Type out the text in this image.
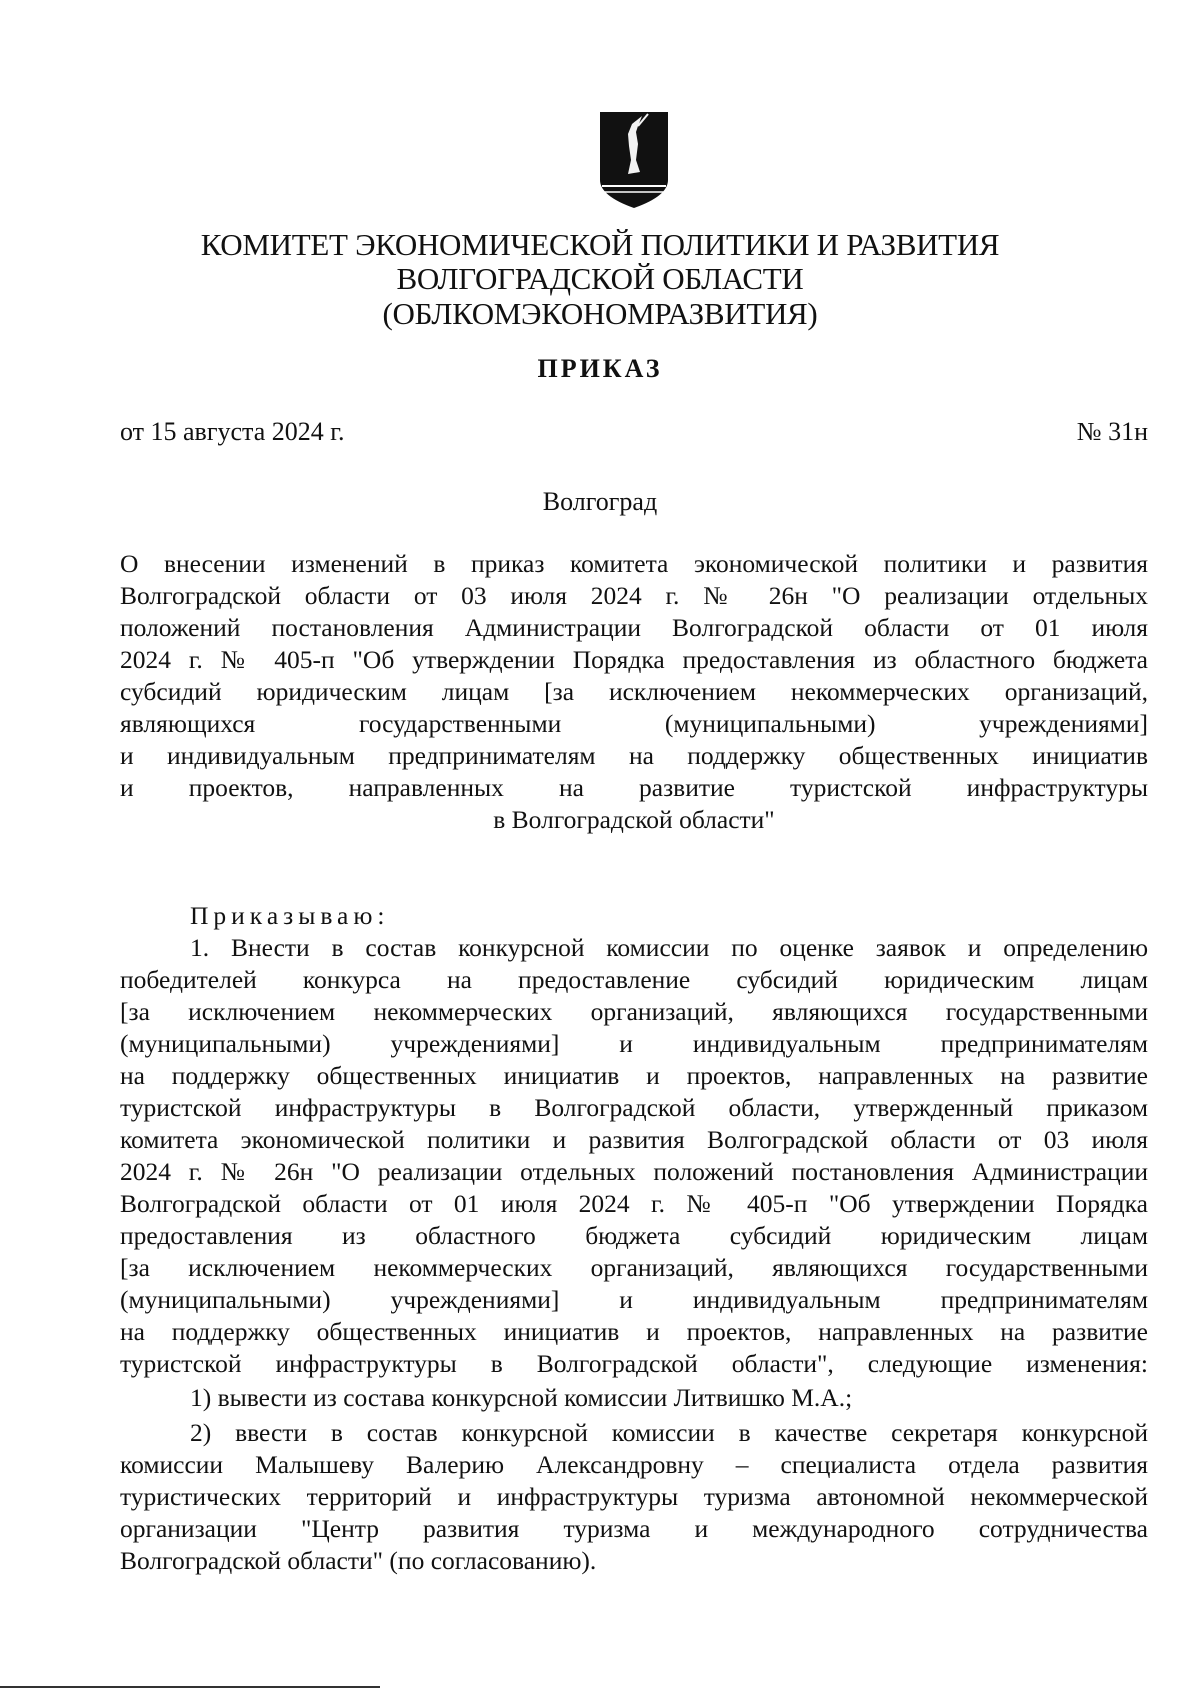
КОМИТЕТ ЭКОНОМИЧЕСКОЙ ПОЛИТИКИ И РАЗВИТИЯ
ВОЛГОГРАДСКОЙ ОБЛАСТИ
(ОБЛКОМЭКОНОМРАЗВИТИЯ)
ПРИКАЗ
от 15 августа 2024 г.	№ 31н
Волгоград
О внесении изменений в приказ комитета экономической политики и развития
Волгоградской области от 03 июля 2024 г. № 26н "О реализации отдельных
положений постановления Администрации Волгоградской области от 01 июля
2024 г. № 405-п "Об утверждении Порядка предоставления из областного бюджета
субсидий юридическим лицам [за исключением некоммерческих организаций,
являющихся государственными (муниципальными) учреждениями]
и индивидуальным предпринимателям на поддержку общественных инициатив
и проектов, направленных на развитие туристской инфраструктуры
в Волгоградской области"
Приказываю:
1. Внести в состав конкурсной комиссии по оценке заявок и определению
победителей конкурса на предоставление субсидий юридическим лицам
[за исключением некоммерческих организаций, являющихся государственными
(муниципальными) учреждениями] и индивидуальным предпринимателям
на поддержку общественных инициатив и проектов, направленных на развитие
туристской инфраструктуры в Волгоградской области, утвержденный приказом
комитета экономической политики и развития Волгоградской области от 03 июля
2024 г. № 26н "О реализации отдельных положений постановления Администрации
Волгоградской области от 01 июля 2024 г. № 405-п "Об утверждении Порядка
предоставления из областного бюджета субсидий юридическим лицам
[за исключением некоммерческих организаций, являющихся государственными
(муниципальными) учреждениями] и индивидуальным предпринимателям
на поддержку общественных инициатив и проектов, направленных на развитие
туристской инфраструктуры в Волгоградской области", следующие изменения:
1) вывести из состава конкурсной комиссии Литвишко М.А.;
2) ввести в состав конкурсной комиссии в качестве секретаря конкурсной
комиссии Малышеву Валерию Александровну – специалиста отдела развития
туристических территорий и инфраструктуры туризма автономной некоммерческой
организации "Центр развития туризма и международного сотрудничества
Волгоградской области" (по согласованию).
